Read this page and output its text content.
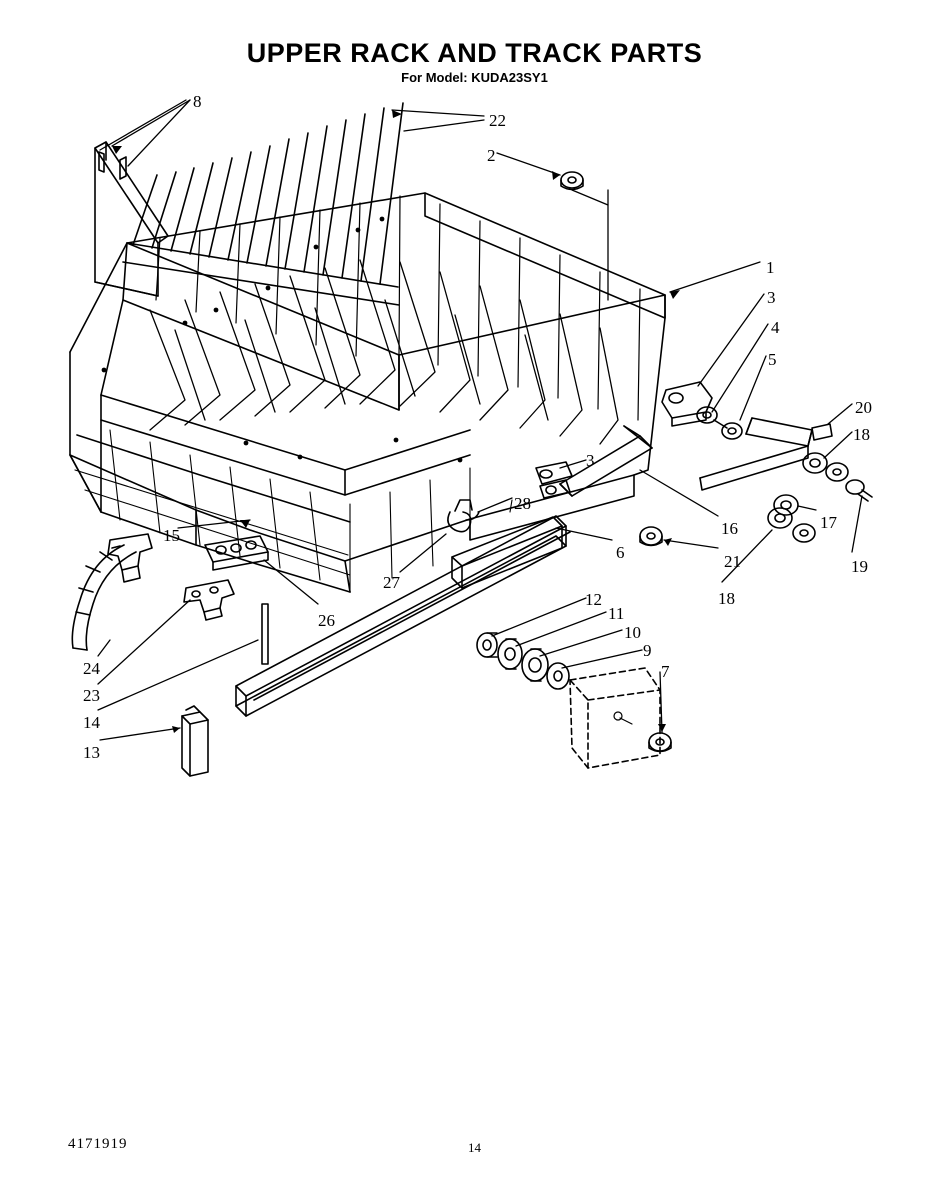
UPPER RACK AND TRACK PARTS
For Model: KUDA23SY1
8
22
2
1
3
4
5
20
18
3
17
16
19
21
18
28
15
6
27
26
12
11
10
9
7
24
23
14
13
4171919	14
